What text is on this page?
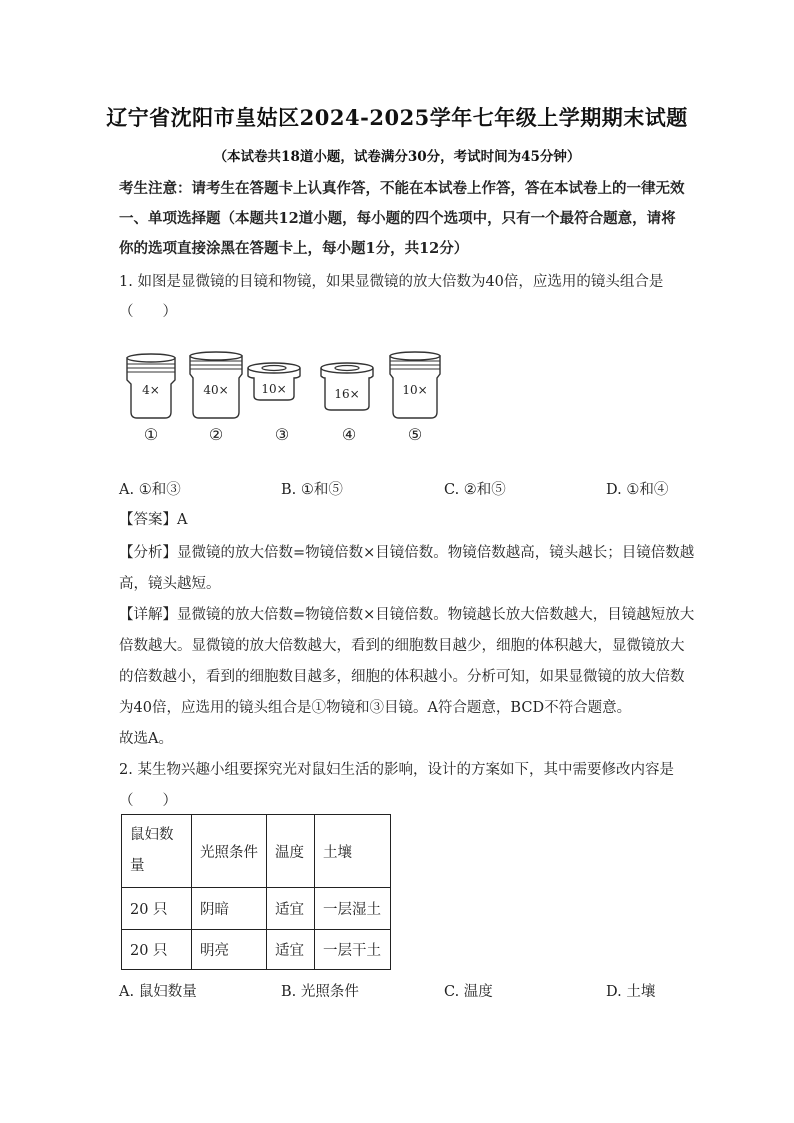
辽宁省沈阳市皇姑区2024-2025学年七年级上学期期末试题
（本试卷共18道小题，试卷满分30分，考试时间为45分钟）
考生注意：请考生在答题卡上认真作答，不能在本试卷上作答，答在本试卷上的一律无效
一、单项选择题（本题共12道小题，每小题的四个选项中，只有一个最符合题意，请将
你的选项直接涂黑在答题卡上，每小题1分，共12分）
1. 如图是显微镜的目镜和物镜，如果显微镜的放大倍数为40倍，应选用的镜头组合是
（　　）
4×	40×	10×	16×	10×
①	②	③	④	⑤
A. ①和③	B. ①和⑤	C. ②和⑤	D. ①和④
【答案】A
【分析】显微镜的放大倍数=物镜倍数×目镜倍数。物镜倍数越高，镜头越长；目镜倍数越
高，镜头越短。
【详解】显微镜的放大倍数=物镜倍数×目镜倍数。物镜越长放大倍数越大，目镜越短放大
倍数越大。显微镜的放大倍数越大，看到的细胞数目越少，细胞的体积越大，显微镜放大
的倍数越小，看到的细胞数目越多，细胞的体积越小。分析可知，如果显微镜的放大倍数
为40倍，应选用的镜头组合是①物镜和③目镜。A符合题意，BCD不符合题意。
故选A。
2. 某生物兴趣小组要探究光对鼠妇生活的影响，设计的方案如下，其中需要修改内容是
（　　）
鼠妇数
量	光照条件	温度	土壤
20 只	阴暗	适宜	一层湿土
20 只	明亮	适宜	一层干土
A. 鼠妇数量	B. 光照条件	C. 温度	D. 土壤
